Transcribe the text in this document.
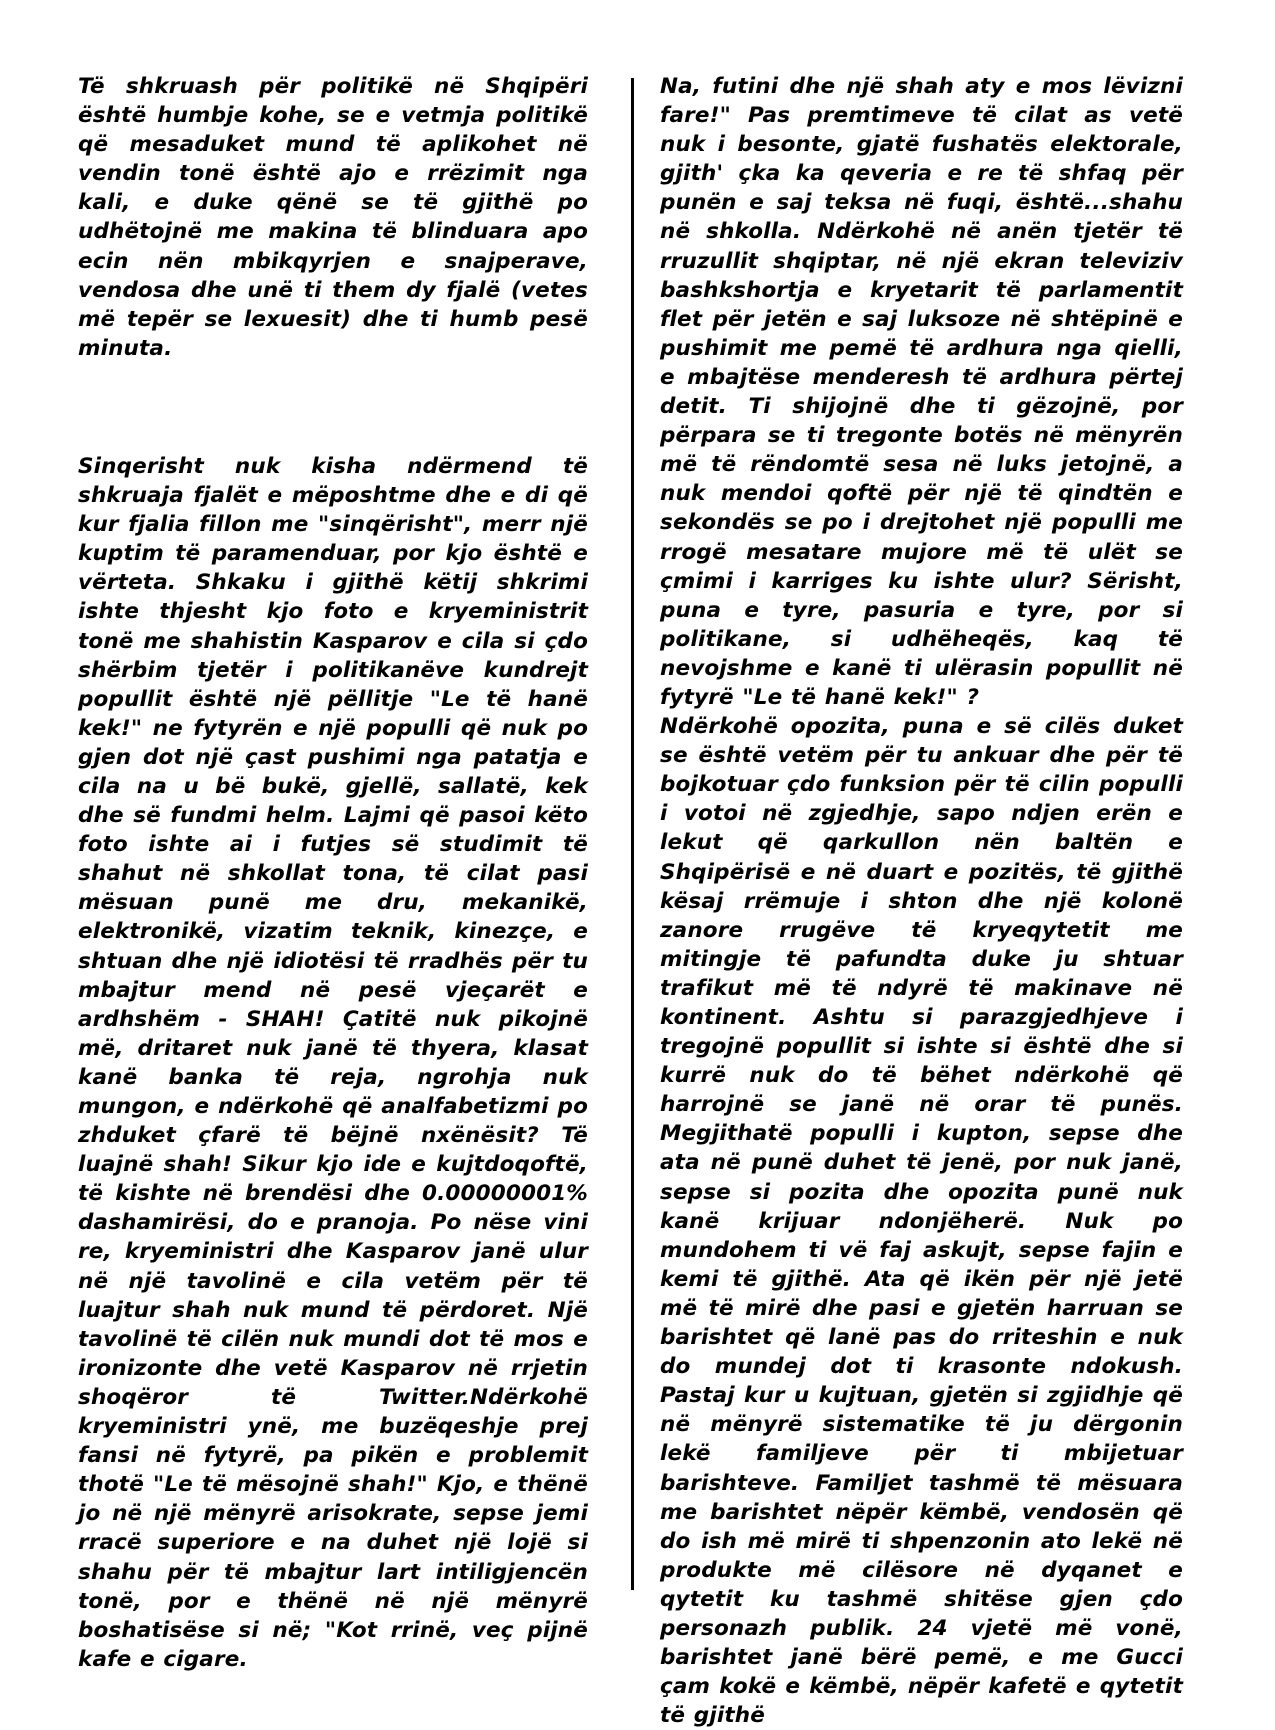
Të shkruash për politikë në Shqipëri është humbje kohe, se e vetmja politikë që mesaduket mund të aplikohet në vendin tonë është ajo e rrëzimit nga kali, e duke qënë se të gjithë po udhëtojnë me makina të blinduara apo ecin nën mbikqyrjen e snajperave, vendosa dhe unë ti them dy fjalë (vetes më tepër se lexuesit) dhe ti humb pesë minuta.

Sinqerisht nuk kisha ndërmend të shkruaja fjalët e mëposhtme dhe e di që kur fjalia fillon me "sinqërisht", merr një kuptim të paramenduar, por kjo është e vërteta. Shkaku i gjithë këtij shkrimi ishte thjesht kjo foto e kryeministrit tonë me shahistin Kasparov e cila si çdo shërbim tjetër i politikanëve kundrejt popullit është një pëllitje "Le të hanë kek!" ne fytyrën e një populli që nuk po gjen dot një çast pushimi nga patatja e cila na u bë bukë, gjellë, sallatë, kek dhe së fundmi helm. Lajmi që pasoi këto foto ishte ai i futjes së studimit të shahut në shkollat tona, të cilat pasi mësuan punë me dru, mekanikë, elektronikë, vizatim teknik, kinezçe, e shtuan dhe një idiotësi të rradhës për tu mbajtur mend në pesë vjeçarët e ardhshëm - SHAH! Çatitë nuk pikojnë më, dritaret nuk janë të thyera, klasat kanë banka të reja, ngrohja nuk mungon, e ndërkohë që analfabetizmi po zhduket çfarë të bëjnë nxënësit? Të luajnë shah! Sikur kjo ide e kujtdoqoftë, të kishte në brendësi dhe 0.00000001% dashamirësi, do e pranoja. Po nëse vini re, kryeministri dhe Kasparov janë ulur në një tavolinë e cila vetëm për të luajtur shah nuk mund të përdoret. Një tavolinë të cilën nuk mundi dot të mos e ironizonte dhe vetë Kasparov në rrjetin shoqëror të Twitter.Ndërkohë kryeministri ynë, me buzëqeshje prej fansi në fytyrë, pa pikën e problemit thotë "Le të mësojnë shah!" Kjo, e thënë jo në një mënyrë arisokrate, sepse jemi rracë superiore e na duhet një lojë si shahu për të mbajtur lart intiligjencën tonë, por e thënë në një mënyrë boshatisëse si në; "Kot rrinë, veç pijnë kafe e cigare.

Na, futini dhe një shah aty e mos lëvizni fare!" Pas premtimeve të cilat as vetë nuk i besonte, gjatë fushatës elektorale, gjith' çka ka qeveria e re të shfaq për punën e saj teksa në fuqi, është...shahu në shkolla. Ndërkohë në anën tjetër të rruzullit shqiptar, në një ekran televiziv bashkshortja e kryetarit të parlamentit flet për jetën e saj luksoze në shtëpinë e pushimit me pemë të ardhura nga qielli, e mbajtëse menderesh të ardhura përtej detit. Ti shijojnë dhe ti gëzojnë, por përpara se ti tregonte botës në mënyrën më të rëndomtë sesa në luks jetojnë, a nuk mendoi qoftë për një të qindtën e sekondës se po i drejtohet një populli me rrogë mesatare mujore më të ulët se çmimi i karriges ku ishte ulur? Sërisht, puna e tyre, pasuria e tyre, por si politikane, si udhëheqës, kaq të nevojshme e kanë ti ulërasin popullit në fytyrë "Le të hanë kek!" ?

Ndërkohë opozita, puna e së cilës duket se është vetëm për tu ankuar dhe për të bojkotuar çdo funksion për të cilin populli i votoi në zgjedhje, sapo ndjen erën e lekut që qarkullon nën baltën e Shqipërisë e në duart e pozitës, të gjithë kësaj rrëmuje i shton dhe një kolonë zanore rrugëve të kryeqytetit me mitingje të pafundta duke ju shtuar trafikut më të ndyrë të makinave në kontinent. Ashtu si parazgjedhjeve i tregojnë popullit si ishte si është dhe si kurrë nuk do të bëhet ndërkohë që harrojnë se janë në orar të punës. Megjithatë populli i kupton, sepse dhe ata në punë duhet të jenë, por nuk janë, sepse si pozita dhe opozita punë nuk kanë krijuar ndonjëherë. Nuk po mundohem ti vë faj askujt, sepse fajin e kemi të gjithë. Ata që ikën për një jetë më të mirë dhe pasi e gjetën harruan se barishtet që lanë pas do rriteshin e nuk do mundej dot ti krasonte ndokush. Pastaj kur u kujtuan, gjetën si zgjidhje që në mënyrë sistematike të ju dërgonin lekë familjeve për ti mbijetuar barishteve. Familjet tashmë të mësuara me barishtet nëpër këmbë, vendosën që do ish më mirë ti shpenzonin ato lekë në produkte më cilësore në dyqanet e qytetit ku tashmë shitëse gjen çdo personazh publik. 24 vjetë më vonë, barishtet janë bërë pemë, e me Gucci çam kokë e këmbë, nëpër kafetë e qytetit të gjithë
